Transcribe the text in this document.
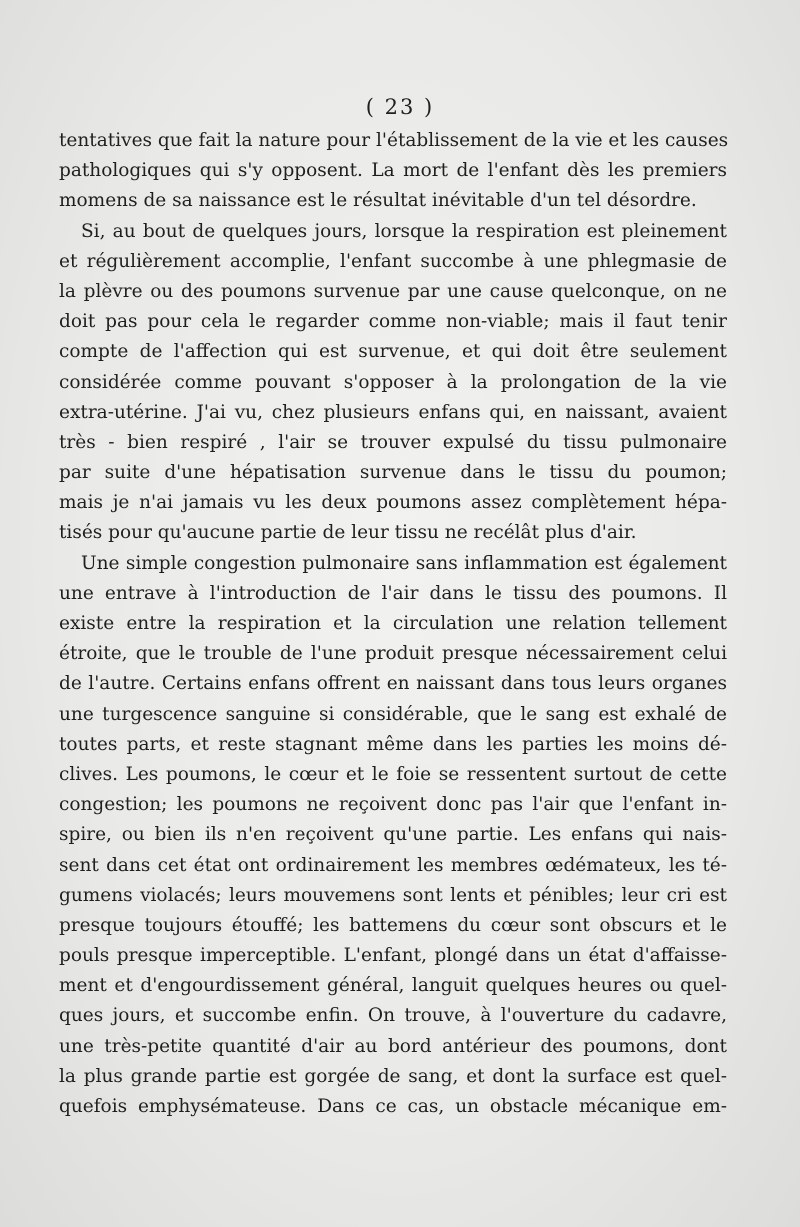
( 23 )
tentatives que fait la nature pour l'établissement de la vie et les causes
pathologiques qui s'y opposent. La mort de l'enfant dès les premiers
momens de sa naissance est le résultat inévitable d'un tel désordre.
Si, au bout de quelques jours, lorsque la respiration est pleinement
et régulièrement accomplie, l'enfant succombe à une phlegmasie de
la plèvre ou des poumons survenue par une cause quelconque, on ne
doit pas pour cela le regarder comme non-viable; mais il faut tenir
compte de l'affection qui est survenue, et qui doit être seulement
considérée comme pouvant s'opposer à la prolongation de la vie
extra-utérine. J'ai vu, chez plusieurs enfans qui, en naissant, avaient
très - bien respiré , l'air se trouver expulsé du tissu pulmonaire
par suite d'une hépatisation survenue dans le tissu du poumon;
mais je n'ai jamais vu les deux poumons assez complètement hépa-
tisés pour qu'aucune partie de leur tissu ne recélât plus d'air.
Une simple congestion pulmonaire sans inflammation est également
une entrave à l'introduction de l'air dans le tissu des poumons. Il
existe entre la respiration et la circulation une relation tellement
étroite, que le trouble de l'une produit presque nécessairement celui
de l'autre. Certains enfans offrent en naissant dans tous leurs organes
une turgescence sanguine si considérable, que le sang est exhalé de
toutes parts, et reste stagnant même dans les parties les moins dé-
clives. Les poumons, le cœur et le foie se ressentent surtout de cette
congestion; les poumons ne reçoivent donc pas l'air que l'enfant in-
spire, ou bien ils n'en reçoivent qu'une partie. Les enfans qui nais-
sent dans cet état ont ordinairement les membres œdémateux, les té-
gumens violacés; leurs mouvemens sont lents et pénibles; leur cri est
presque toujours étouffé; les battemens du cœur sont obscurs et le
pouls presque imperceptible. L'enfant, plongé dans un état d'affaisse-
ment et d'engourdissement général, languit quelques heures ou quel-
ques jours, et succombe enfin. On trouve, à l'ouverture du cadavre,
une très-petite quantité d'air au bord antérieur des poumons, dont
la plus grande partie est gorgée de sang, et dont la surface est quel-
quefois emphysémateuse. Dans ce cas, un obstacle mécanique em-
